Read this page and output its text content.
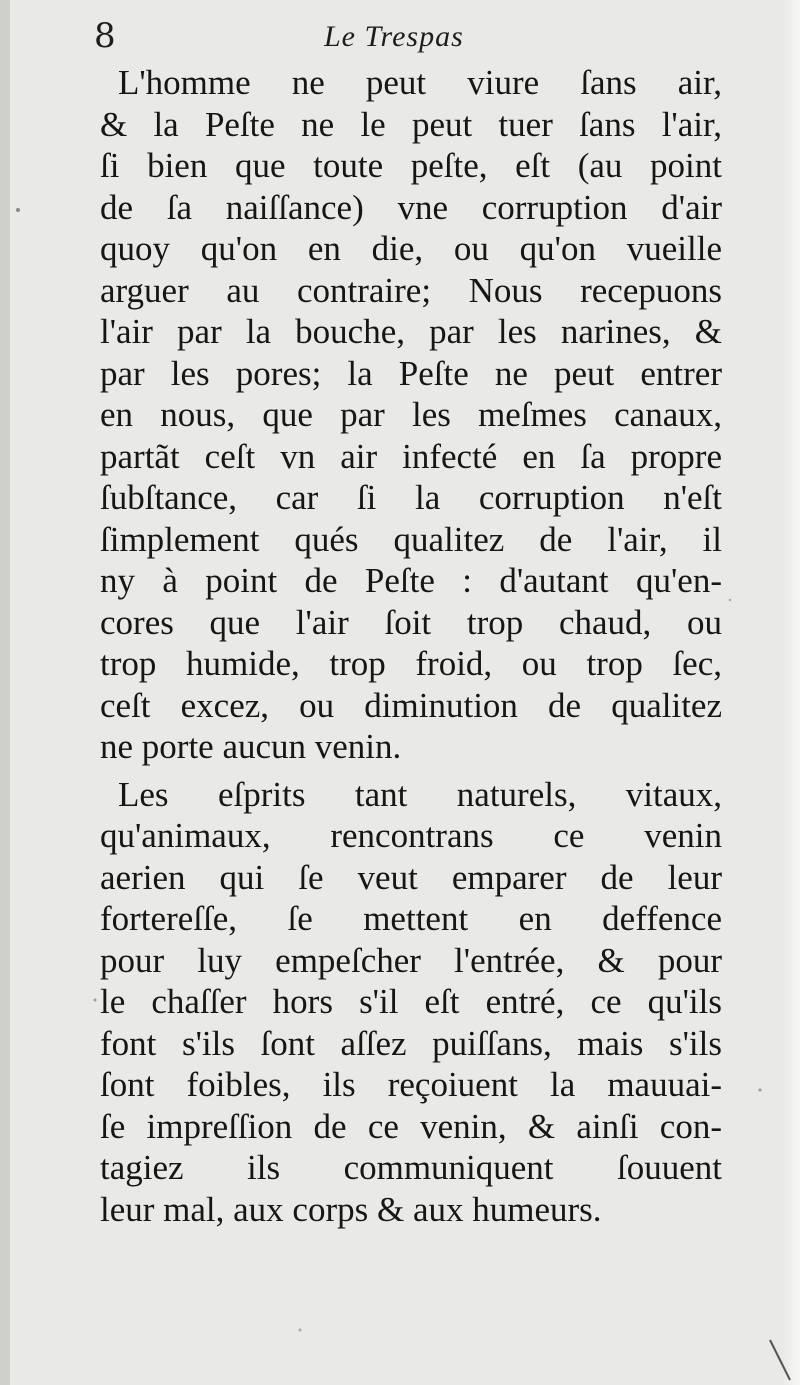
8	Le Trespas
L'homme ne peut viure ſans air,
& la Peſte ne le peut tuer ſans l'air,
ſi bien que toute peſte, eſt (au point
de ſa naiſſance) vne corruption d'air
quoy qu'on en die, ou qu'on vueille
arguer au contraire; Nous recepuons
l'air par la bouche, par les narines, &
par les pores; la Peſte ne peut entrer
en nous, que par les meſmes canaux,
partãt ceſt vn air infecté en ſa propre
ſubſtance, car ſi la corruption n'eſt
ſimplement qués qualitez de l'air, il
ny à point de Peſte : d'autant qu'en-
cores que l'air ſoit trop chaud, ou
trop humide, trop froid, ou trop ſec,
ceſt excez, ou diminution de qualitez
ne porte aucun venin.
Les eſprits tant naturels, vitaux,
qu'animaux, rencontrans ce venin
aerien qui ſe veut emparer de leur
fortereſſe, ſe mettent en deffence
pour luy empeſcher l'entrée, & pour
le chaſſer hors s'il eſt entré, ce qu'ils
font s'ils ſont aſſez puiſſans, mais s'ils
ſont foibles, ils reçoiuent la mauuai-
ſe impreſſion de ce venin, & ainſi con-
tagiez ils communiquent ſouuent
leur mal, aux corps & aux humeurs.
